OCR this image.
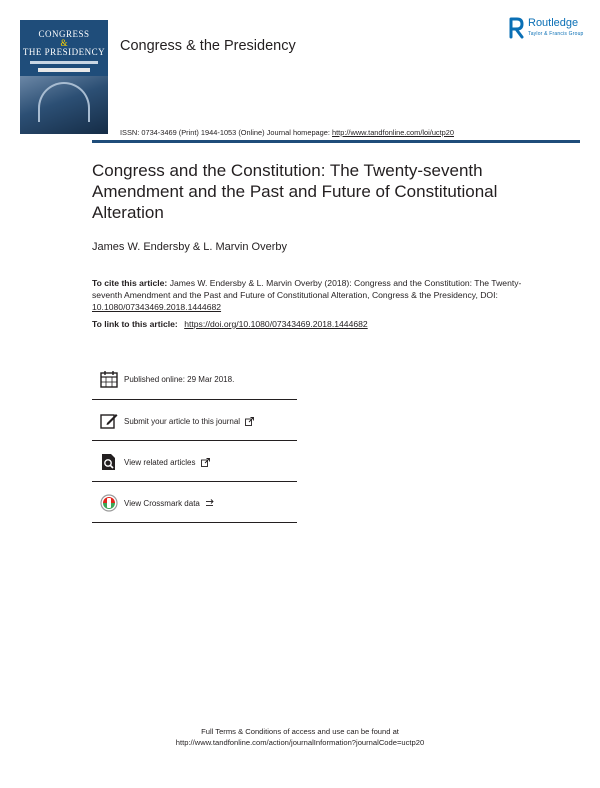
CONGRESS
&
THE PRESIDENCY Congress & the Presidency
Routledge
Taylor & Francis Group
ISSN: 0734-3469 (Print) 1944-1053 (Online) Journal homepage: http://www.tandfonline.com/loi/uctp20
Congress and the Constitution: The Twenty-seventh Amendment and the Past and Future of Constitutional Alteration
James W. Endersby & L. Marvin Overby
To cite this article: James W. Endersby & L. Marvin Overby (2018): Congress and the Constitution: The Twenty-seventh Amendment and the Past and Future of Constitutional Alteration, Congress & the Presidency, DOI: 10.1080/07343469.2018.1444682
To link to this article: https://doi.org/10.1080/07343469.2018.1444682
Published online: 29 Mar 2018.
Submit your article to this journal
View related articles
View Crossmark data
Full Terms & Conditions of access and use can be found at
http://www.tandfonline.com/action/journalInformation?journalCode=uctp20
